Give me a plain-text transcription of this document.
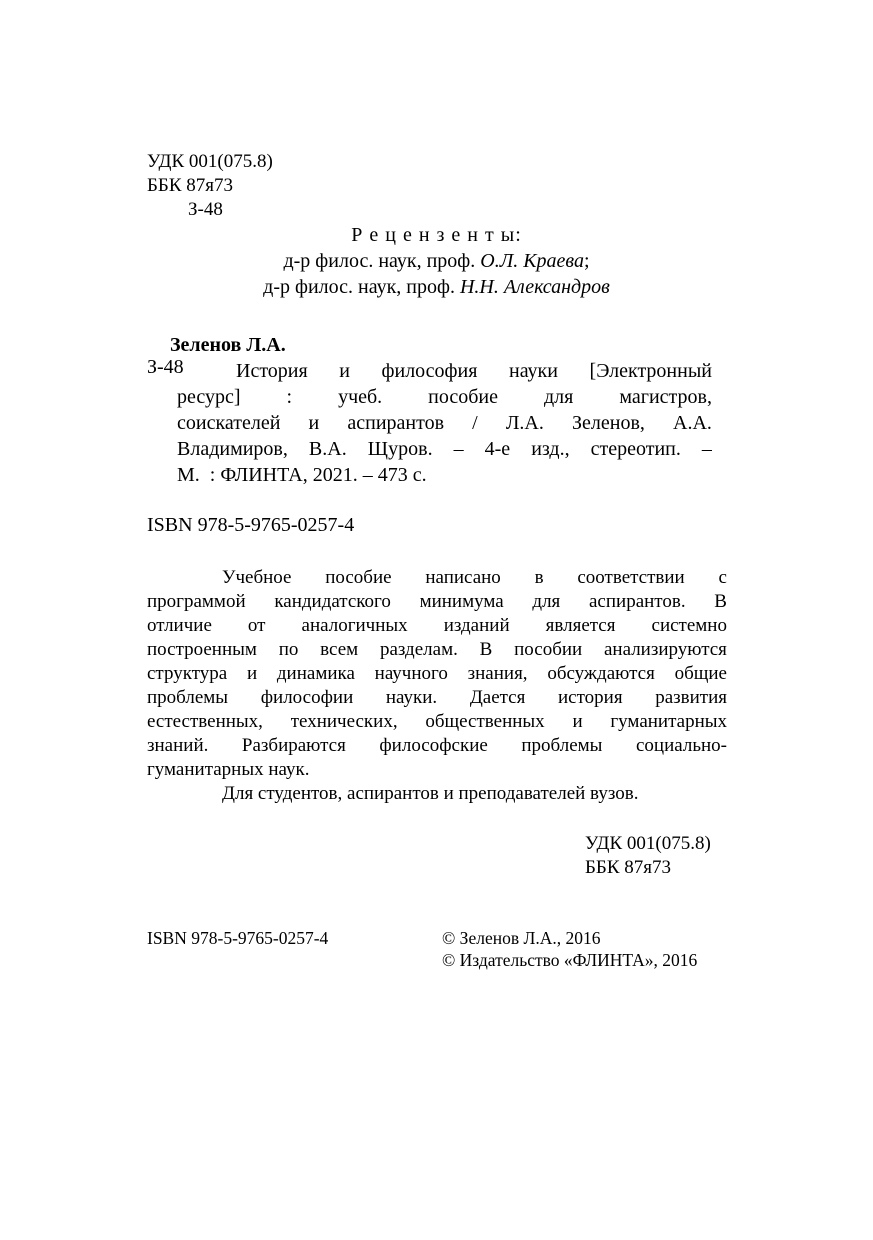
УДК 001(075.8)
ББК 87я73
З-48
Р е ц е н з е н т ы:
д-р филос. наук, проф. О.Л. Краева;
д-р филос. наук, проф. Н.Н. Александров
Зеленов Л.А.
З-48	История и философия науки [Электронный
ресурс] : учеб. пособие для магистров,
соискателей и аспирантов / Л.А. Зеленов, А.А.
Владимиров, В.А. Щуров. – 4-е изд., стереотип. –
М.  : ФЛИНТА, 2021. – 473 с.
ISBN 978-5-9765-0257-4
Учебное пособие написано в соответствии с
программой кандидатского минимума для аспирантов. В
отличие от аналогичных изданий является системно
построенным по всем разделам. В пособии анализируются
структура и динамика научного знания, обсуждаются общие
проблемы философии науки. Дается история развития
естественных, технических, общественных и гуманитарных
знаний. Разбираются философские проблемы социально-
гуманитарных наук.
Для студентов, аспирантов и преподавателей вузов.
УДК 001(075.8)
ББК 87я73
ISBN 978-5-9765-0257-4	© Зеленов Л.А., 2016
© Издательство «ФЛИНТА», 2016
